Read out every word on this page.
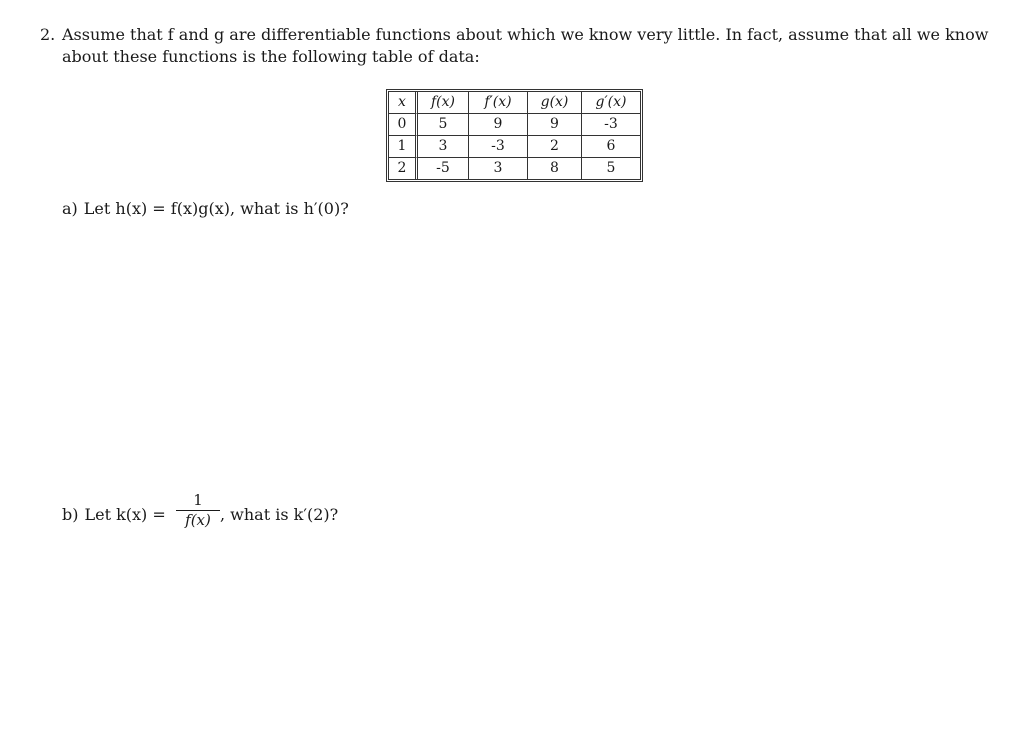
2. Assume that f and g are differentiable functions about which we know very little. In fact, assume that all we know
about these functions is the following table of data:
x	f(x)	f′(x)	g(x)	g′(x)
0	5	9	9	-3
1	3	-3	2	6
2	-5	3	8	5
a) Let h(x) = f(x)g(x), what is h′(0)?
b) Let $k(x) = \frac{1}{f(x)}$ , what is k′(2)?
